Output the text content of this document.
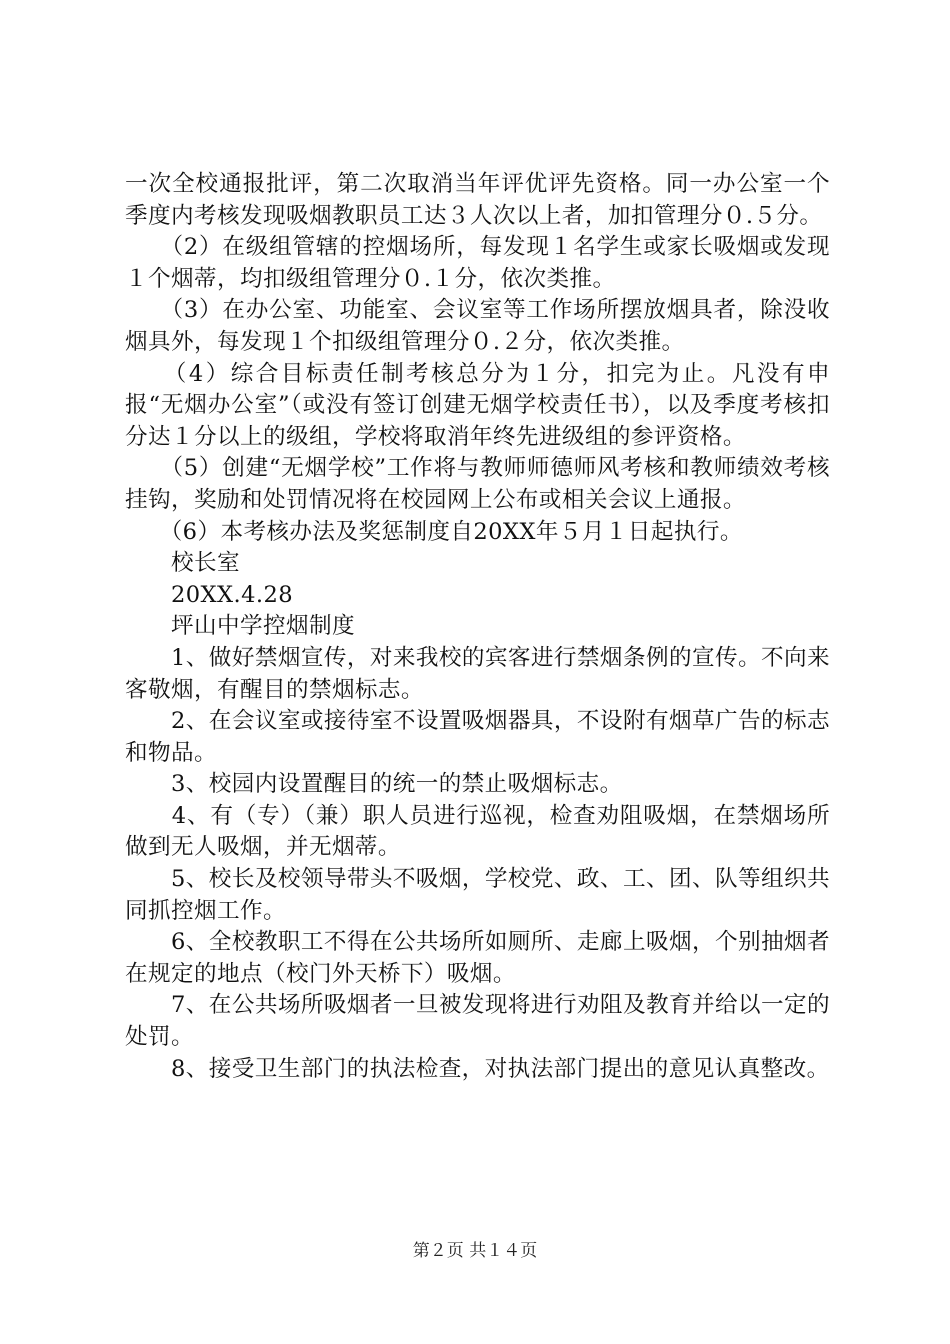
一次全校通报批评，第二次取消当年评优评先资格。同一办公室一个季度内考核发现吸烟教职员工达３人次以上者，加扣管理分０.５分。

　　（2）在级组管辖的控烟场所，每发现１名学生或家长吸烟或发现１个烟蒂，均扣级组管理分０.１分，依次类推。

　　（3）在办公室、功能室、会议室等工作场所摆放烟具者，除没收烟具外，每发现１个扣级组管理分０.２分，依次类推。

　　（4）综合目标责任制考核总分为１分，扣完为止。凡没有申报“无烟办公室”（或没有签订创建无烟学校责任书），以及季度考核扣分达１分以上的级组，学校将取消年终先进级组的参评资格。

　　（5）创建“无烟学校”工作将与教师师德师风考核和教师绩效考核挂钩，奖励和处罚情况将在校园网上公布或相关会议上通报。

　　（6）本考核办法及奖惩制度自20XX年５月１日起执行。

　　校长室

　　20XX.4.28

　　坪山中学控烟制度

　　1、做好禁烟宣传，对来我校的宾客进行禁烟条例的宣传。不向来客敬烟，有醒目的禁烟标志。

　　2、在会议室或接待室不设置吸烟器具，不设附有烟草广告的标志和物品。

　　3、校园内设置醒目的统一的禁止吸烟标志。

　　4、有（专）（兼）职人员进行巡视，检查劝阻吸烟，在禁烟场所做到无人吸烟，并无烟蒂。

　　5、校长及校领导带头不吸烟，学校党、政、工、团、队等组织共同抓控烟工作。

　　6、全校教职工不得在公共场所如厕所、走廊上吸烟，个别抽烟者在规定的地点（校门外天桥下）吸烟。

　　7、在公共场所吸烟者一旦被发现将进行劝阻及教育并给以一定的处罚。

　　8、接受卫生部门的执法检查，对执法部门提出的意见认真整改。

第２页 共１４页
